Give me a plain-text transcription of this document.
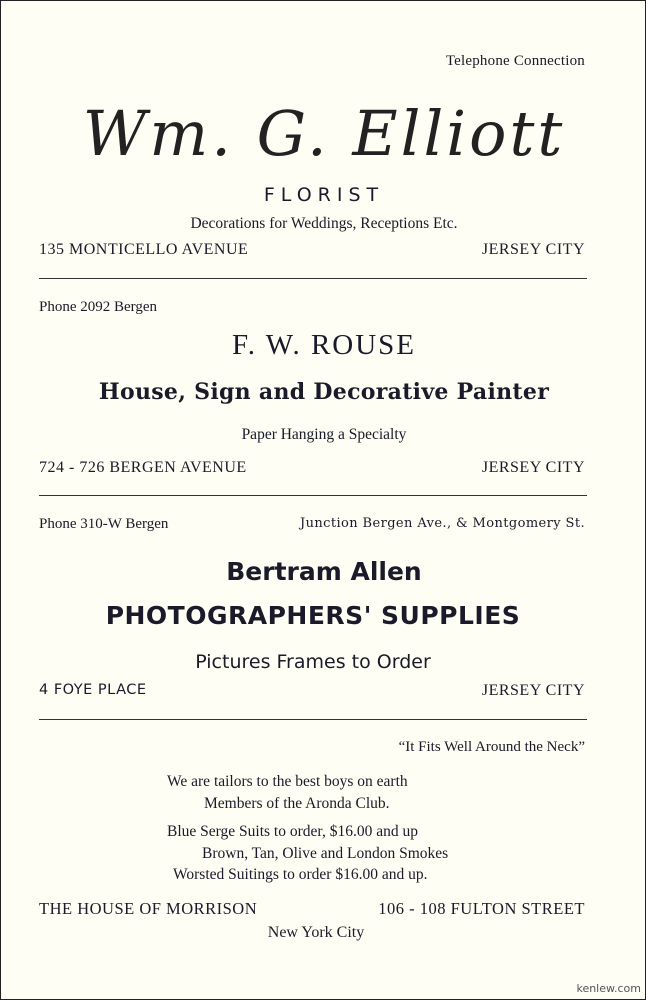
Telephone Connection
Wm. G. Elliott
FLORIST
Decorations for Weddings, Receptions Etc.
135 MONTICELLO AVENUE	JERSEY CITY
Phone 2092 Bergen
F. W. ROUSE
House, Sign and Decorative Painter
Paper Hanging a Specialty
724 - 726 BERGEN AVENUE	JERSEY CITY
Phone 310-W Bergen	Junction Bergen Ave., & Montgomery St.
Bertram Allen
PHOTOGRAPHERS' SUPPLIES
Pictures Frames to Order
4 FOYE PLACE	JERSEY CITY
“It Fits Well Around the Neck”
We are tailors to the best boys on earth
Members of the Aronda Club.
Blue Serge Suits to order, $16.00 and up
Brown, Tan, Olive and London Smokes
Worsted Suitings to order $16.00 and up.
THE HOUSE OF MORRISON	106 - 108 FULTON STREET
New York City
kenlew.com
